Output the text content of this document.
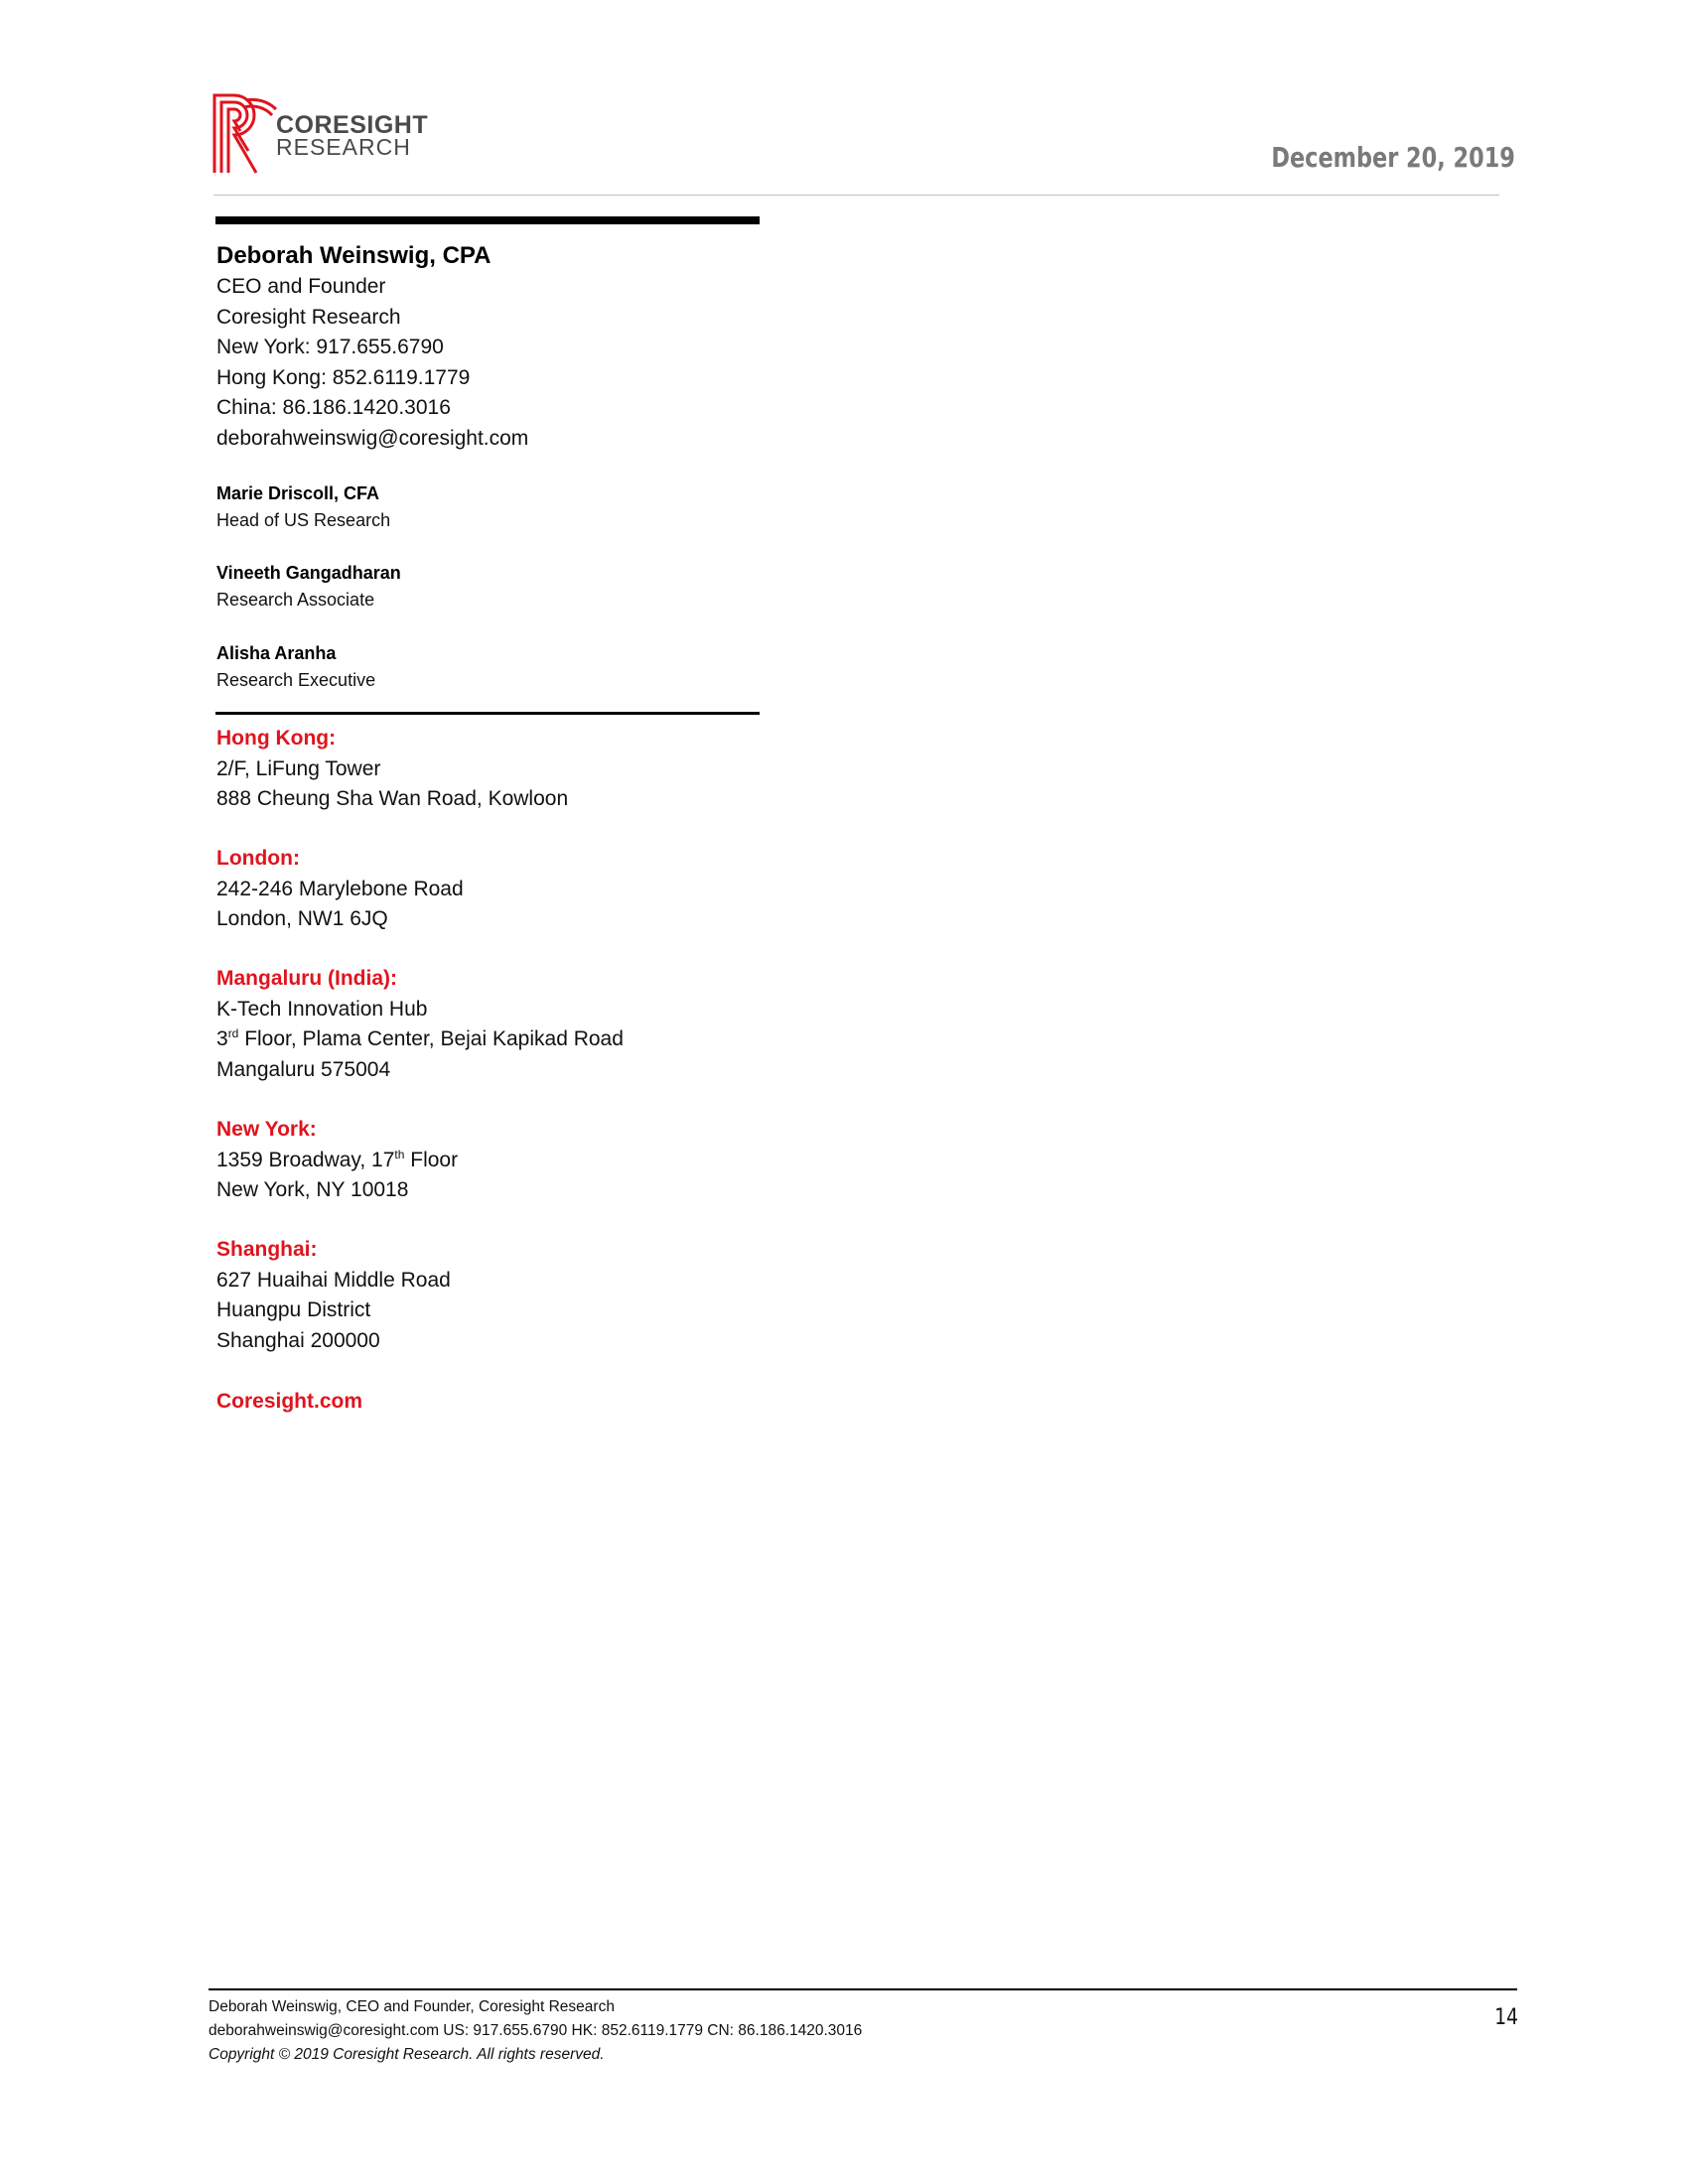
CORESIGHT
RESEARCH	December 20, 2019
Deborah Weinswig, CPA
CEO and Founder
Coresight Research
New York: 917.655.6790
Hong Kong: 852.6119.1779
China: 86.186.1420.3016
deborahweinswig@coresight.com
Marie Driscoll, CFA
Head of US Research
Vineeth Gangadharan
Research Associate
Alisha Aranha
Research Executive
Hong Kong:
2/F, LiFung Tower
888 Cheung Sha Wan Road, Kowloon
London:
242-246 Marylebone Road
London, NW1 6JQ
Mangaluru (India):
K-Tech Innovation Hub
3rd Floor, Plama Center, Bejai Kapikad Road
Mangaluru 575004
New York:
1359 Broadway, 17th Floor
New York, NY 10018
Shanghai:
627 Huaihai Middle Road
Huangpu District
Shanghai 200000
Coresight.com
Deborah Weinswig, CEO and Founder, Coresight Research
deborahweinswig@coresight.com US: 917.655.6790 HK: 852.6119.1779 CN: 86.186.1420.3016
Copyright © 2019 Coresight Research. All rights reserved.
14
